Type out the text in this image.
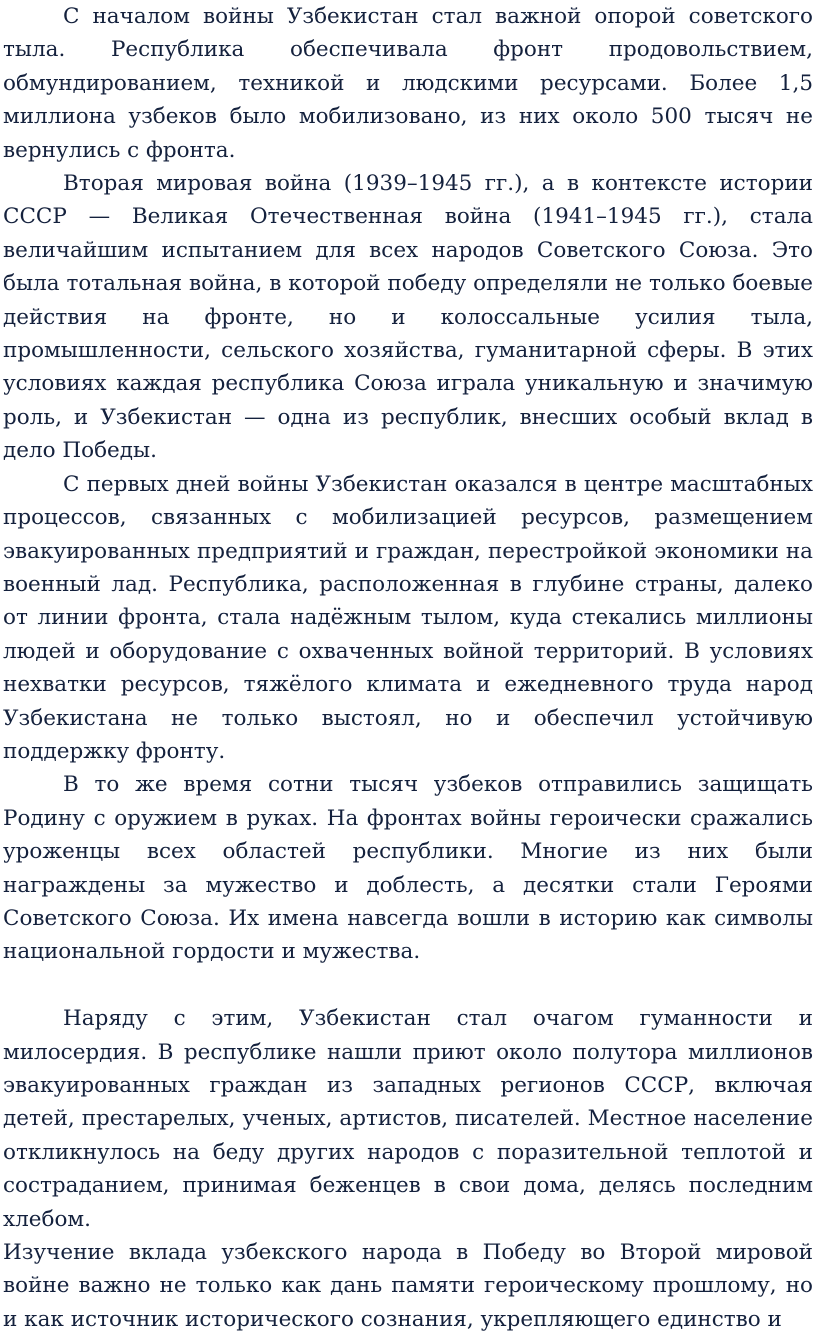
С началом войны Узбекистан стал важной опорой советского тыла. Республика обеспечивала фронт продовольствием, обмундированием, техникой и людскими ресурсами. Более 1,5 миллиона узбеков было мобилизовано, из них около 500 тысяч не вернулись с фронта.

Вторая мировая война (1939–1945 гг.), а в контексте истории СССР — Великая Отечественная война (1941–1945 гг.), стала величайшим испытанием для всех народов Советского Союза. Это была тотальная война, в которой победу определяли не только боевые действия на фронте, но и колоссальные усилия тыла, промышленности, сельского хозяйства, гуманитарной сферы. В этих условиях каждая республика Союза играла уникальную и значимую роль, и Узбекистан — одна из республик, внесших особый вклад в дело Победы.

С первых дней войны Узбекистан оказался в центре масштабных процессов, связанных с мобилизацией ресурсов, размещением эвакуированных предприятий и граждан, перестройкой экономики на военный лад. Республика, расположенная в глубине страны, далеко от линии фронта, стала надёжным тылом, куда стекались миллионы людей и оборудование с охваченных войной территорий. В условиях нехватки ресурсов, тяжёлого климата и ежедневного труда народ Узбекистана не только выстоял, но и обеспечил устойчивую поддержку фронту.

В то же время сотни тысяч узбеков отправились защищать Родину с оружием в руках. На фронтах войны героически сражались уроженцы всех областей республики. Многие из них были награждены за мужество и доблесть, а десятки стали Героями Советского Союза. Их имена навсегда вошли в историю как символы национальной гордости и мужества.

Наряду с этим, Узбекистан стал очагом гуманности и милосердия. В республике нашли приют около полутора миллионов эвакуированных граждан из западных регионов СССР, включая детей, престарелых, ученых, артистов, писателей. Местное население откликнулось на беду других народов с поразительной теплотой и состраданием, принимая беженцев в свои дома, делясь последним хлебом.

Изучение вклада узбекского народа в Победу во Второй мировой войне важно не только как дань памяти героическому прошлому, но и как источник исторического сознания, укрепляющего единство и
